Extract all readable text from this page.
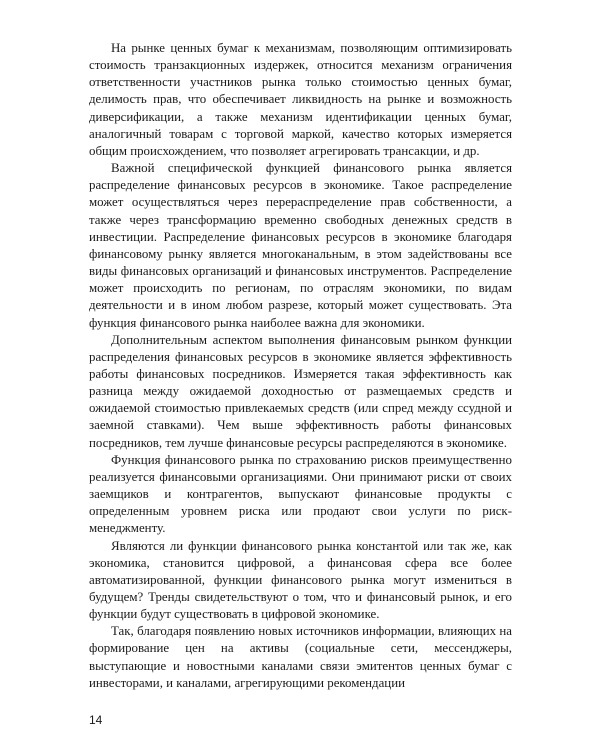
На рынке ценных бумаг к механизмам, позволяющим оптимизировать стоимость транзакционных издержек, относится механизм ограничения ответственности участников рынка только стоимостью ценных бумаг, делимость прав, что обеспечивает ликвидность на рынке и возможность диверсификации, а также механизм идентификации ценных бумаг, аналогичный товарам с торговой маркой, качество которых измеряется общим происхождением, что позволяет агрегировать трансакции, и др.

Важной специфической функцией финансового рынка является распределение финансовых ресурсов в экономике. Такое распределение может осуществляться через перераспределение прав собственности, а также через трансформацию временно свободных денежных средств в инвестиции. Распределение финансовых ресурсов в экономике благодаря финансовому рынку является многоканальным, в этом задействованы все виды финансовых организаций и финансовых инструментов. Распределение может происходить по регионам, по отраслям экономики, по видам деятельности и в ином любом разрезе, который может существовать. Эта функция финансового рынка наиболее важна для экономики.

Дополнительным аспектом выполнения финансовым рынком функции распределения финансовых ресурсов в экономике является эффективность работы финансовых посредников. Измеряется такая эффективность как разница между ожидаемой доходностью от размещаемых средств и ожидаемой стоимостью привлекаемых средств (или спред между ссудной и заемной ставками). Чем выше эффективность работы финансовых посредников, тем лучше финансовые ресурсы распределяются в экономике.

Функция финансового рынка по страхованию рисков преимущественно реализуется финансовыми организациями. Они принимают риски от своих заемщиков и контрагентов, выпускают финансовые продукты с определенным уровнем риска или продают свои услуги по риск-менеджменту.

Являются ли функции финансового рынка константой или так же, как экономика, становится цифровой, а финансовая сфера все более автоматизированной, функции финансового рынка могут измениться в будущем? Тренды свидетельствуют о том, что и финансовый рынок, и его функции будут существовать в цифровой экономике.

Так, благодаря появлению новых источников информации, влияющих на формирование цен на активы (социальные сети, мессенджеры, выступающие и новостными каналами связи эмитентов ценных бумаг с инвесторами, и каналами, агрегирующими рекомендации

14
